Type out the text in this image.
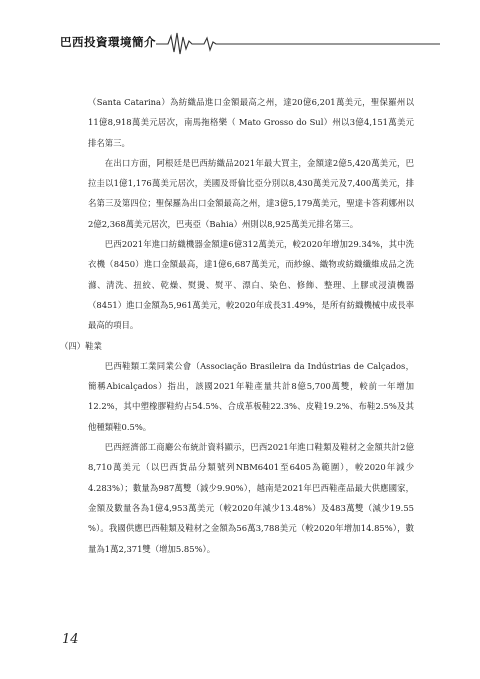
巴西投資環境簡介

（Santa Catarina）為紡織品進口金額最高之州，達20億6,201萬美元，聖保羅州以11億8,918萬美元居次，南馬拖格樂（ Mato Grosso do Sul）州以3億4,151萬美元排名第三。

在出口方面，阿根廷是巴西紡織品2021年最大買主，金額達2億5,420萬美元，巴拉圭以1億1,176萬美元居次，美國及哥倫比亞分別以8,430萬美元及7,400萬美元，排名第三及第四位；聖保羅為出口金額最高之州，達3億5,179萬美元，聖達卡答莉娜州以2億2,368萬美元居次，巴夷亞（Bahia）州則以8,925萬美元排名第三。

巴西2021年進口紡織機器金額達6億312萬美元，較2020年增加29.34%，其中洗衣機（8450）進口金額最高，達1億6,687萬美元，而紗線、織物或紡織纖維成品之洗滌、清洗、扭絞、乾燥、熨燙、熨平、漂白、染色、修飾、整理、上膠或浸漬機器（8451）進口金額為5,961萬美元，較2020年成長31.49%，是所有紡織機械中成長率最高的項目。

（四）鞋業

巴西鞋類工業同業公會（Associação Brasileira da Indústrias de Calçados，簡稱Abicalçados）指出，該國2021年鞋產量共計8億5,700萬雙，較前一年增加12.2%，其中塑橡膠鞋約占54.5%、合成革板鞋22.3%、皮鞋19.2%、布鞋2.5%及其他種類鞋0.5%。

巴西經濟部工商廳公布統計資料顯示，巴西2021年進口鞋類及鞋材之金額共計2億8,710萬美元（以巴西貨品分類號列NBM6401至6405為範圍），較2020年減少4.283%）；數量為987萬雙（減少9.90%），越南是2021年巴西鞋產品最大供應國家，金額及數量各為1億4,953萬美元（較2020年減少13.48%）及483萬雙（減少19.55 %）。我國供應巴西鞋類及鞋材之金額為56萬3,788美元（較2020年增加14.85%），數量為1萬2,371雙（增加5.85%）。

14
